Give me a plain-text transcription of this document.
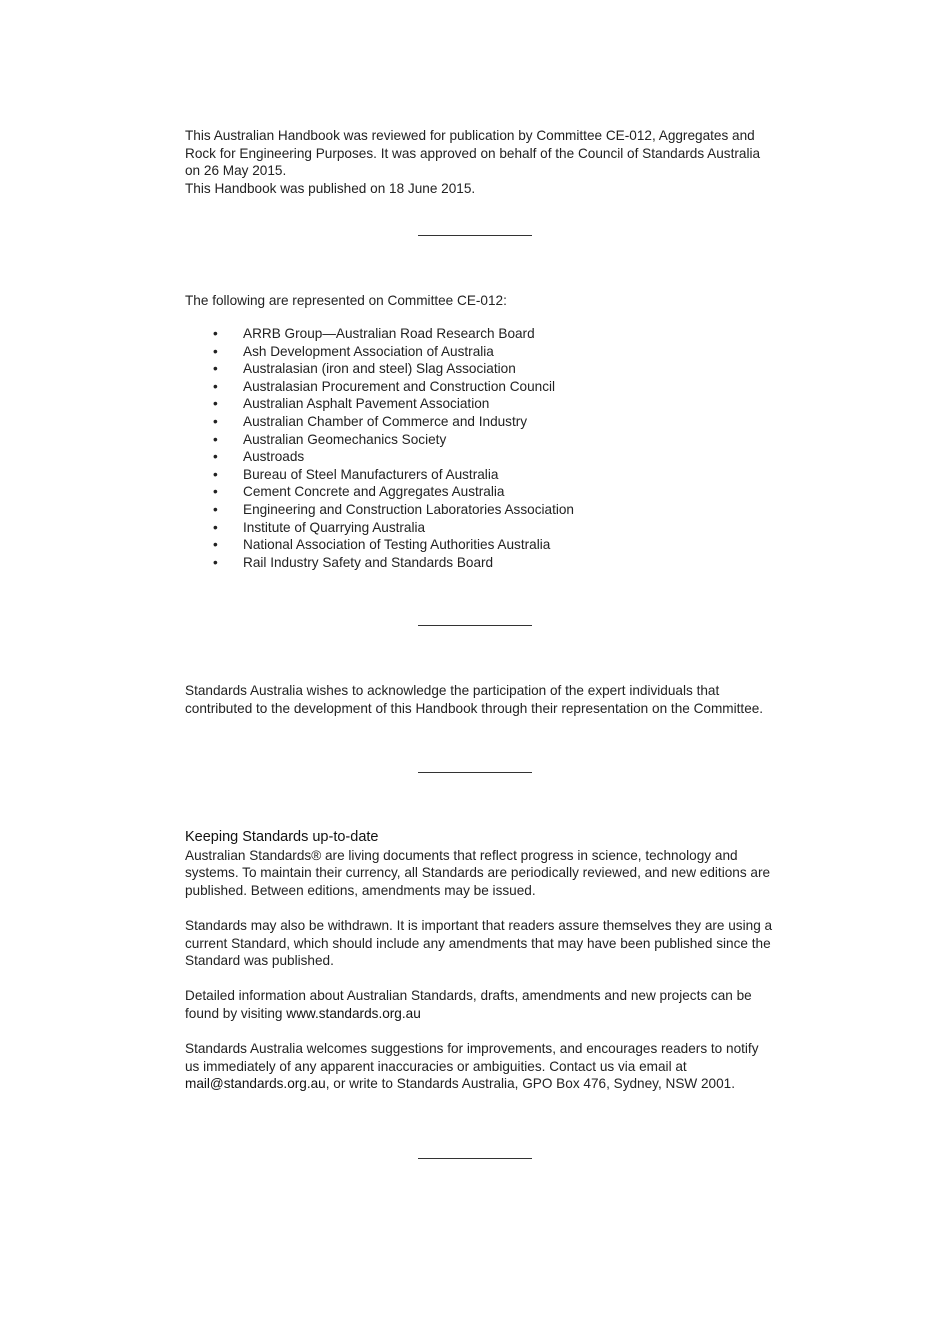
This Australian Handbook was reviewed for publication by Committee CE-012, Aggregates and Rock for Engineering Purposes. It was approved on behalf of the Council of Standards Australia on 26 May 2015.

This Handbook was published on 18 June 2015.

The following are represented on Committee CE-012:

• ARRB Group—Australian Road Research Board
• Ash Development Association of Australia
• Australasian (iron and steel) Slag Association
• Australasian Procurement and Construction Council
• Australian Asphalt Pavement Association
• Australian Chamber of Commerce and Industry
• Australian Geomechanics Society
• Austroads
• Bureau of Steel Manufacturers of Australia
• Cement Concrete and Aggregates Australia
• Engineering and Construction Laboratories Association
• Institute of Quarrying Australia
• National Association of Testing Authorities Australia
• Rail Industry Safety and Standards Board

Standards Australia wishes to acknowledge the participation of the expert individuals that contributed to the development of this Handbook through their representation on the Committee.

Keeping Standards up-to-date

Australian Standards® are living documents that reflect progress in science, technology and systems. To maintain their currency, all Standards are periodically reviewed, and new editions are published. Between editions, amendments may be issued.

Standards may also be withdrawn. It is important that readers assure themselves they are using a current Standard, which should include any amendments that may have been published since the Standard was published.

Detailed information about Australian Standards, drafts, amendments and new projects can be found by visiting www.standards.org.au

Standards Australia welcomes suggestions for improvements, and encourages readers to notify us immediately of any apparent inaccuracies or ambiguities. Contact us via email at mail@standards.org.au, or write to Standards Australia, GPO Box 476, Sydney, NSW 2001.
